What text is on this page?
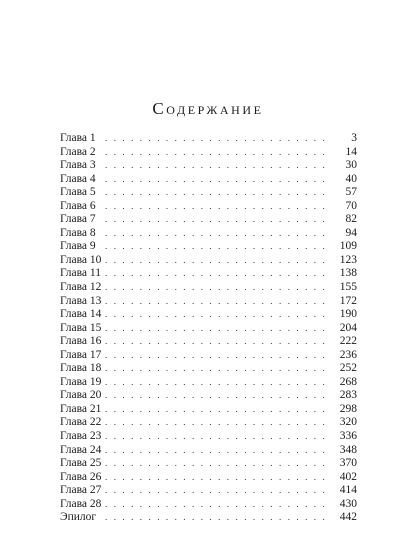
Содержание
Глава 1 . . .	3
Глава 2 . . .	14
Глава 3 . . .	30
Глава 4 . . .	40
Глава 5 . . .	57
Глава 6 . . .	70
Глава 7 . . .	82
Глава 8 . . .	94
Глава 9 . . .	109
Глава 10 . . .	123
Глава 11 . . .	138
Глава 12 . . .	155
Глава 13 . . .	172
Глава 14 . . .	190
Глава 15 . . .	204
Глава 16 . . .	222
Глава 17 . . .	236
Глава 18 . . .	252
Глава 19 . . .	268
Глава 20 . . .	283
Глава 21 . . .	298
Глава 22 . . .	320
Глава 23 . . .	336
Глава 24 . . .	348
Глава 25 . . .	370
Глава 26 . . .	402
Глава 27 . . .	414
Глава 28 . . .	430
Эпилог . . .	442
